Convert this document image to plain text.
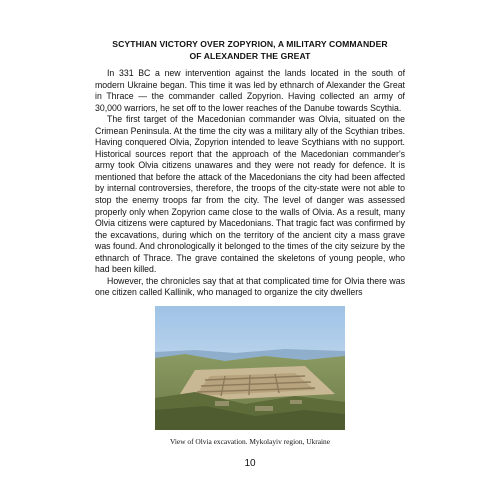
SCYTHIAN VICTORY OVER ZOPYRION, A MILITARY COMMANDER
OF ALEXANDER THE GREAT

In 331 BC a new intervention against the lands located in the south of modern Ukraine began. This time it was led by ethnarch of Alexander the Great in Thrace — the commander called Zopyrion. Having collected an army of 30,000 warriors, he set off to the lower reaches of the Danube towards Scythia.

The first target of the Macedonian commander was Olvia, situated on the Crimean Peninsula. At the time the city was a military ally of the Scythian tribes. Having conquered Olvia, Zopyrion intended to leave Scythians with no support. Historical sources report that the approach of the Macedonian commander's army took Olvia citizens unawares and they were not ready for defence. It is mentioned that before the attack of the Macedonians the city had been affected by internal controversies, therefore, the troops of the city-state were not able to stop the enemy troops far from the city. The level of danger was assessed properly only when Zopyrion came close to the walls of Olvia. As a result, many Olvia citizens were captured by Macedonians. That tragic fact was confirmed by the excavations, during which on the territory of the ancient city a mass grave was found. And chronologically it belonged to the times of the city seizure by the ethnarch of Thrace. The grave contained the skeletons of young people, who had been killed.

However, the chronicles say that at that complicated time for Olvia there was one citizen called Kallinik, who managed to organize the city dwellers

View of Olvia excavation. Mykolayiv region, Ukraine
10
